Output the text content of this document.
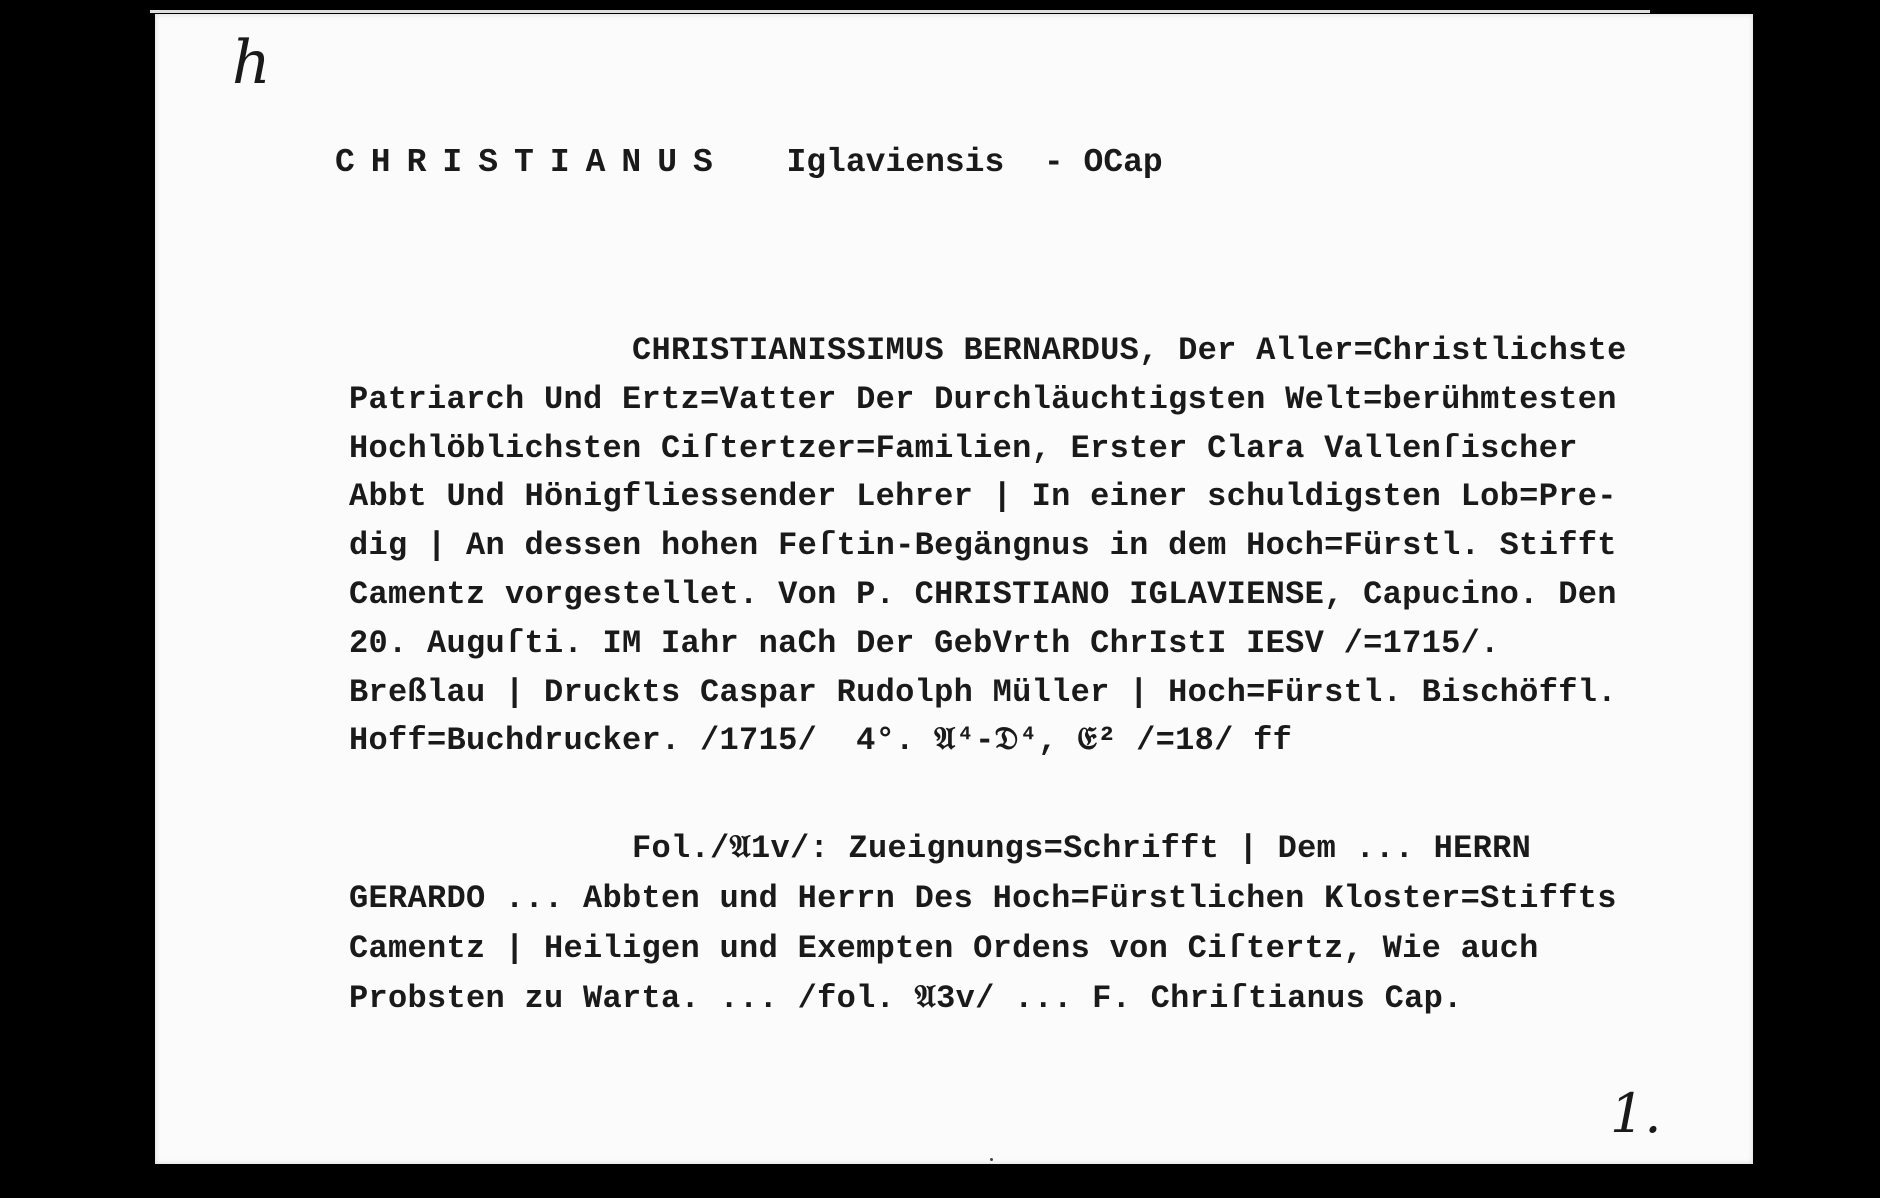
h
CHRISTIANUS Iglaviensis - OCap
CHRISTIANISSIMUS BERNARDUS, Der Aller=Christlichste
Patriarch Und Ertz=Vatter Der Durchläuchtigsten Welt=berühmtesten
Hochlöblichsten Ciſtertzer=Familien, Erster Clara Vallenſischer
Abbt Und Hönigfliessender Lehrer | In einer schuldigsten Lob=Pre-
dig | An dessen hohen Feſtin-Begängnus in dem Hoch=Fürstl. Stifft
Camentz vorgestellet. Von P. CHRISTIANO IGLAVIENSE, Capucino. Den
20. Auguſti. IM Iahr naCh Der GebVrth ChrIstI IESV /=1715/.
Breßlau | Druckts Caspar Rudolph Müller | Hoch=Fürstl. Bischöffl.
Hoff=Buchdrucker. /1715/  4°. 𝔄⁴-𝔇⁴, 𝔈² /=18/ ff
Fol./𝔄1v/: Zueignungs=Schrifft | Dem ... HERRN
GERARDO ... Abbten und Herrn Des Hoch=Fürstlichen Kloster=Stiffts
Camentz | Heiligen und Exempten Ordens von Ciſtertz, Wie auch
Probsten zu Warta. ... /fol. 𝔄3v/ ... F. Chriſtianus Cap.
1.
